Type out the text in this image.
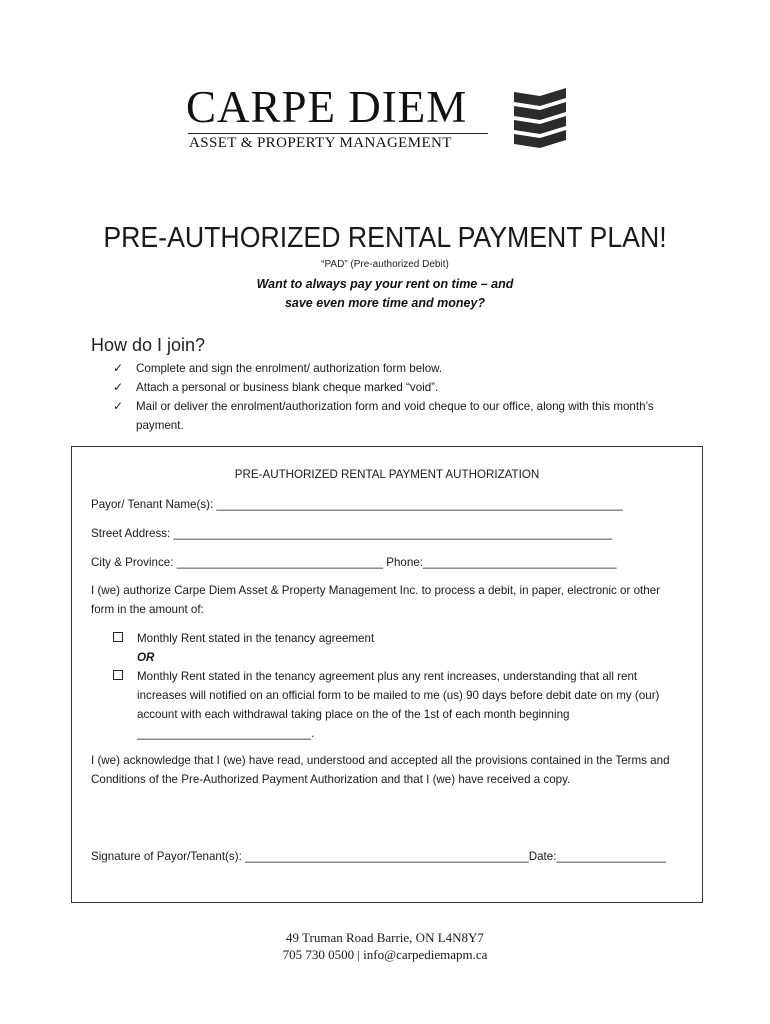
CARPE DIEM
ASSET & PROPERTY MANAGEMENT
PRE-AUTHORIZED RENTAL PAYMENT PLAN!
“PAD” (Pre-authorized Debit)
Want to always pay your rent on time – and
save even more time and money?
How do I join?
✓ Complete and sign the enrolment/ authorization form below.
✓ Attach a personal or business blank cheque marked “void”.
✓ Mail or deliver the enrolment/authorization form and void cheque to our office, along with this month’s payment.
PRE-AUTHORIZED RENTAL PAYMENT AUTHORIZATION
Payor/ Tenant Name(s): _______________________________________________________________
Street Address: ____________________________________________________________________
City & Province: ________________________________ Phone:______________________________
I (we) authorize Carpe Diem Asset & Property Management Inc. to process a debit, in paper, electronic or other form in the amount of:
Monthly Rent stated in the tenancy agreement
OR
Monthly Rent stated in the tenancy agreement plus any rent increases, understanding that all rent increases will notified on an official form to be mailed to me (us) 90 days before debit date on my (our) account with each withdrawal taking place on the of the 1st of each month beginning ___________________________.
I (we) acknowledge that I (we) have read, understood and accepted all the provisions contained in the Terms and Conditions of the Pre-Authorized Payment Authorization and that I (we) have received a copy.
Signature of Payor/Tenant(s): ____________________________________________Date:_________________
49 Truman Road Barrie, ON L4N8Y7
705 730 0500 | info@carpediemapm.ca
